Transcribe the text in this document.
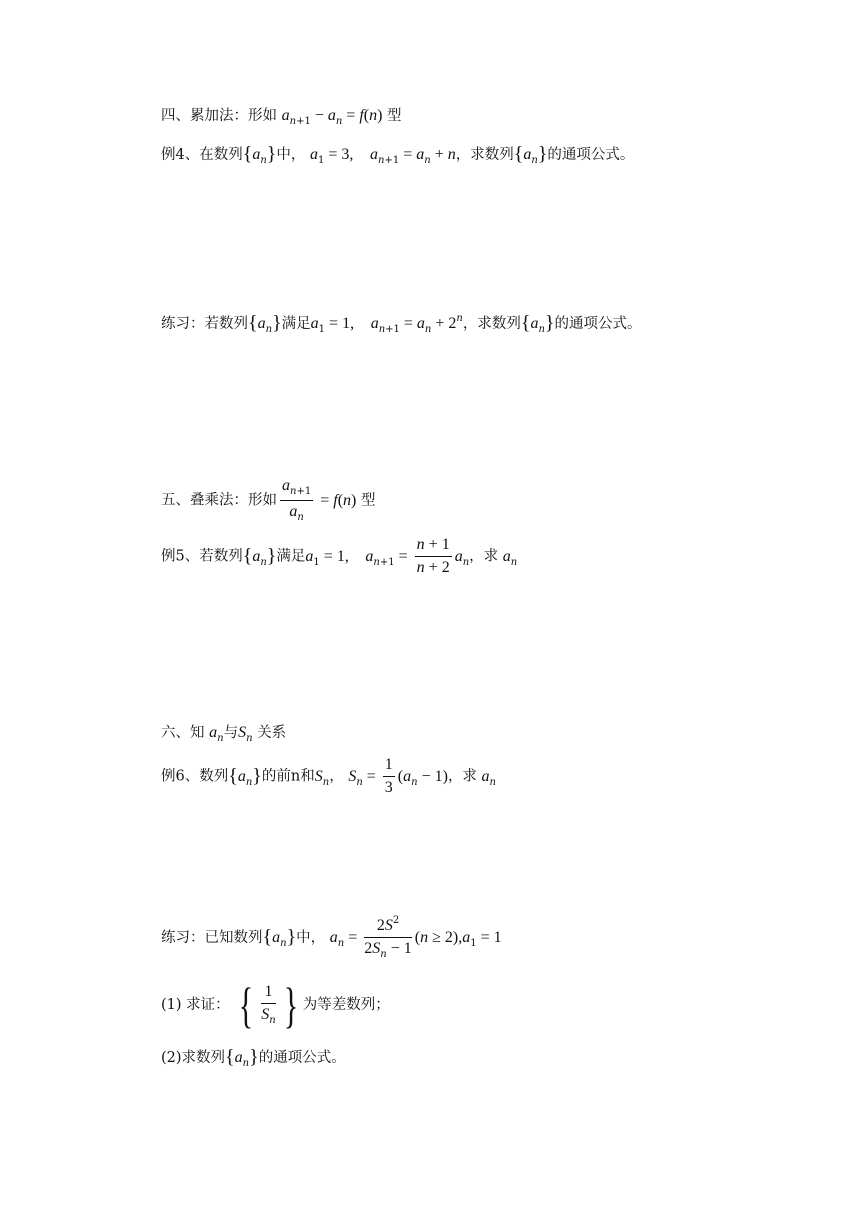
四、累加法：形如 $a_{n+1} - a_n = f(n)$ 型
例4、在数列$\{a_n\}$中， $a_1 = 3$, $a_{n+1} = a_n + n$，求数列$\{a_n\}$的通项公式。
练习：若数列$\{a_n\}$满足$a_1 = 1$, $a_{n+1} = a_n + 2^n$，求数列$\{a_n\}$的通项公式。
五、叠乘法：形如 $\frac{a_{n+1}}{a_n} = f(n)$ 型
例5、若数列$\{a_n\}$满足$a_1 = 1$, $a_{n+1} = \frac{n + 1}{n + 2} a_n$，求 $a_n$
六、知 $a_n$与$S_n$ 关系
例6、数列$\{a_n\}$的前n和$S_n$， $S_n = \frac{1}{3} (a_n - 1)$，求 $a_n$
练习：已知数列$\{a_n\}$中， $a_n = \frac{2S^2}{2S_n - 1} (n \ge 2),a_1 = 1$
(1) 求证： { $\frac{1}{S_n}$ } 为等差数列；
(2)求数列$\{a_n\}$的通项公式。
